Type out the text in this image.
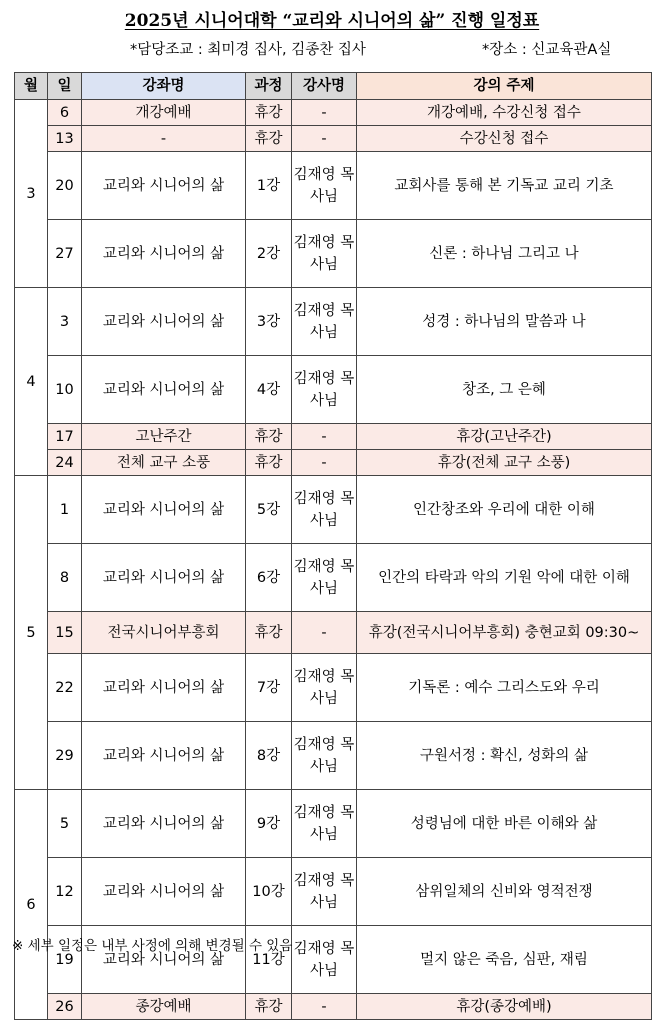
2025년 시니어대학 “교리와 시니어의 삶” 진행 일정표
*담당조교 : 최미경 집사, 김종찬 집사	*장소 : 신교육관A실
월	일	강좌명	과정	강사명	강의 주제
3	6	개강예배	휴강	-	개강예배, 수강신청 접수
	13	-	휴강	-	수강신청 접수
	20	교리와 시니어의 삶	1강	김재영 목사님	교회사를 통해 본 기독교 교리 기초
	27	교리와 시니어의 삶	2강	김재영 목사님	신론 : 하나님 그리고 나
4	3	교리와 시니어의 삶	3강	김재영 목사님	성경 : 하나님의 말씀과 나
	10	교리와 시니어의 삶	4강	김재영 목사님	창조, 그 은혜
	17	고난주간	휴강	-	휴강(고난주간)
	24	전체 교구 소풍	휴강	-	휴강(전체 교구 소풍)
5	1	교리와 시니어의 삶	5강	김재영 목사님	인간창조와 우리에 대한 이해
	8	교리와 시니어의 삶	6강	김재영 목사님	인간의 타락과 악의 기원 악에 대한 이해
	15	전국시니어부흥회	휴강	-	휴강(전국시니어부흥회) 충현교회 09:30~
	22	교리와 시니어의 삶	7강	김재영 목사님	기독론 : 예수 그리스도와 우리
	29	교리와 시니어의 삶	8강	김재영 목사님	구원서정 : 확신, 성화의 삶
6	5	교리와 시니어의 삶	9강	김재영 목사님	성령님에 대한 바른 이해와 삶
	12	교리와 시니어의 삶	10강	김재영 목사님	삼위일체의 신비와 영적전쟁
	19	교리와 시니어의 삶	11강	김재영 목사님	멀지 않은 죽음, 심판, 재림
	26	종강예배	휴강	-	휴강(종강예배)
※ 세부 일정은 내부 사정에 의해 변경될 수 있음
